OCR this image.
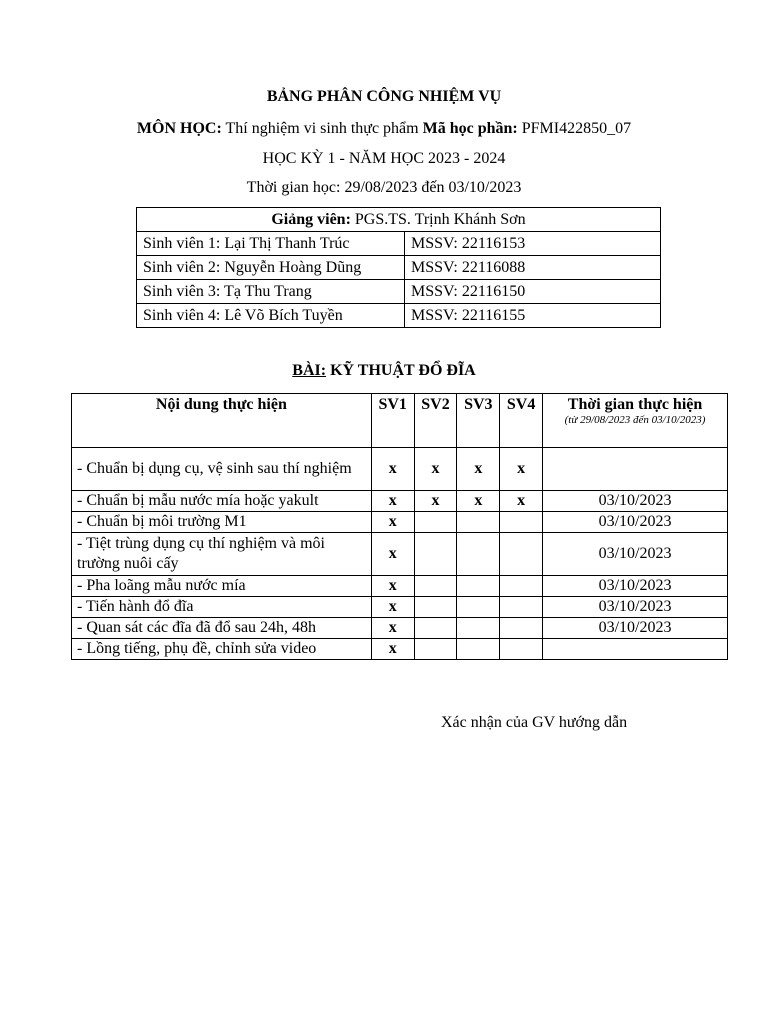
BẢNG PHÂN CÔNG NHIỆM VỤ
MÔN HỌC: Thí nghiệm vi sinh thực phẩm Mã học phần: PFMI422850_07
HỌC KỲ 1 - NĂM HỌC 2023 - 2024
Thời gian học: 29/08/2023 đến 03/10/2023
Giảng viên: PGS.TS. Trịnh Khánh Sơn	
Sinh viên 1: Lại Thị Thanh Trúc	MSSV: 22116153
Sinh viên 2: Nguyễn Hoàng Dũng	MSSV: 22116088
Sinh viên 3: Tạ Thu Trang	MSSV: 22116150
Sinh viên 4: Lê Võ Bích Tuyền	MSSV: 22116155
BÀI: KỸ THUẬT ĐỔ ĐĨA
Nội dung thực hiện	SV1	SV2	SV3	SV4	Thời gian thực hiện
(từ 29/08/2023 đến 03/10/2023)

- Chuẩn bị dụng cụ, vệ sinh sau thí nghiệm	x	x	x	x	
- Chuẩn bị mẫu nước mía hoặc yakult	x	x	x	x	03/10/2023
- Chuẩn bị môi trường M1	x				03/10/2023
- Tiệt trùng dụng cụ thí nghiệm và môi trường nuôi cấy	x				03/10/2023
- Pha loãng mẫu nước mía	x				03/10/2023
- Tiến hành đổ đĩa	x				03/10/2023
- Quan sát các đĩa đã đổ sau 24h, 48h	x				03/10/2023
- Lồng tiếng, phụ đề, chỉnh sửa video	x				
Xác nhận của GV hướng dẫn
